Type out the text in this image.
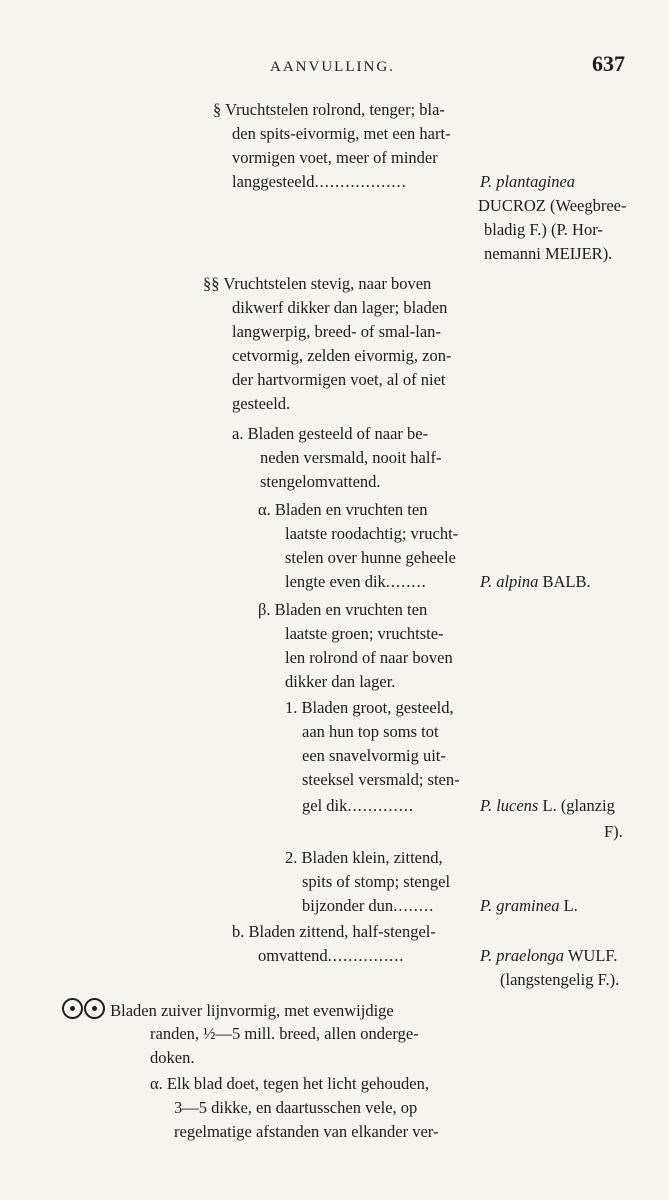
AANVULLING.	637
§ Vruchtstelen rolrond, tenger; bla-
den spits-eivormig, met een hart-
vormigen voet, meer of minder
langgesteeld..................	P. plantaginea
DUCROZ (Weegbree-
bladig F.) (P. Hor-
nemanni MEIJER).
§§ Vruchtstelen stevig, naar boven
dikwerf dikker dan lager; bladen
langwerpig, breed- of smal-lan-
cetvormig, zelden eivormig, zon-
der hartvormigen voet, al of niet
gesteeld.
a. Bladen gesteeld of naar be-
neden versmald, nooit half-
stengelomvattend.
α. Bladen en vruchten ten
laatste roodachtig; vrucht-
stelen over hunne geheele
lengte even dik........	P. alpina BALB.
β. Bladen en vruchten ten
laatste groen; vruchtste-
len rolrond of naar boven
dikker dan lager.
1. Bladen groot, gesteeld,
aan hun top soms tot
een snavelvormig uit-
steeksel versmald; sten-
gel dik.............	P. lucens L. (glanzig
F).
2. Bladen klein, zittend,
spits of stomp; stengel
bijzonder dun........	P. graminea L.
b. Bladen zittend, half-stengel-
omvattend...............	P. praelonga WULF.
(langstengelig F.).
Bladen zuiver lijnvormig, met evenwijdige
randen, ½—5 mill. breed, allen onderge-
doken.
α. Elk blad doet, tegen het licht gehouden,
3—5 dikke, en daartusschen vele, op
regelmatige afstanden van elkander ver-
